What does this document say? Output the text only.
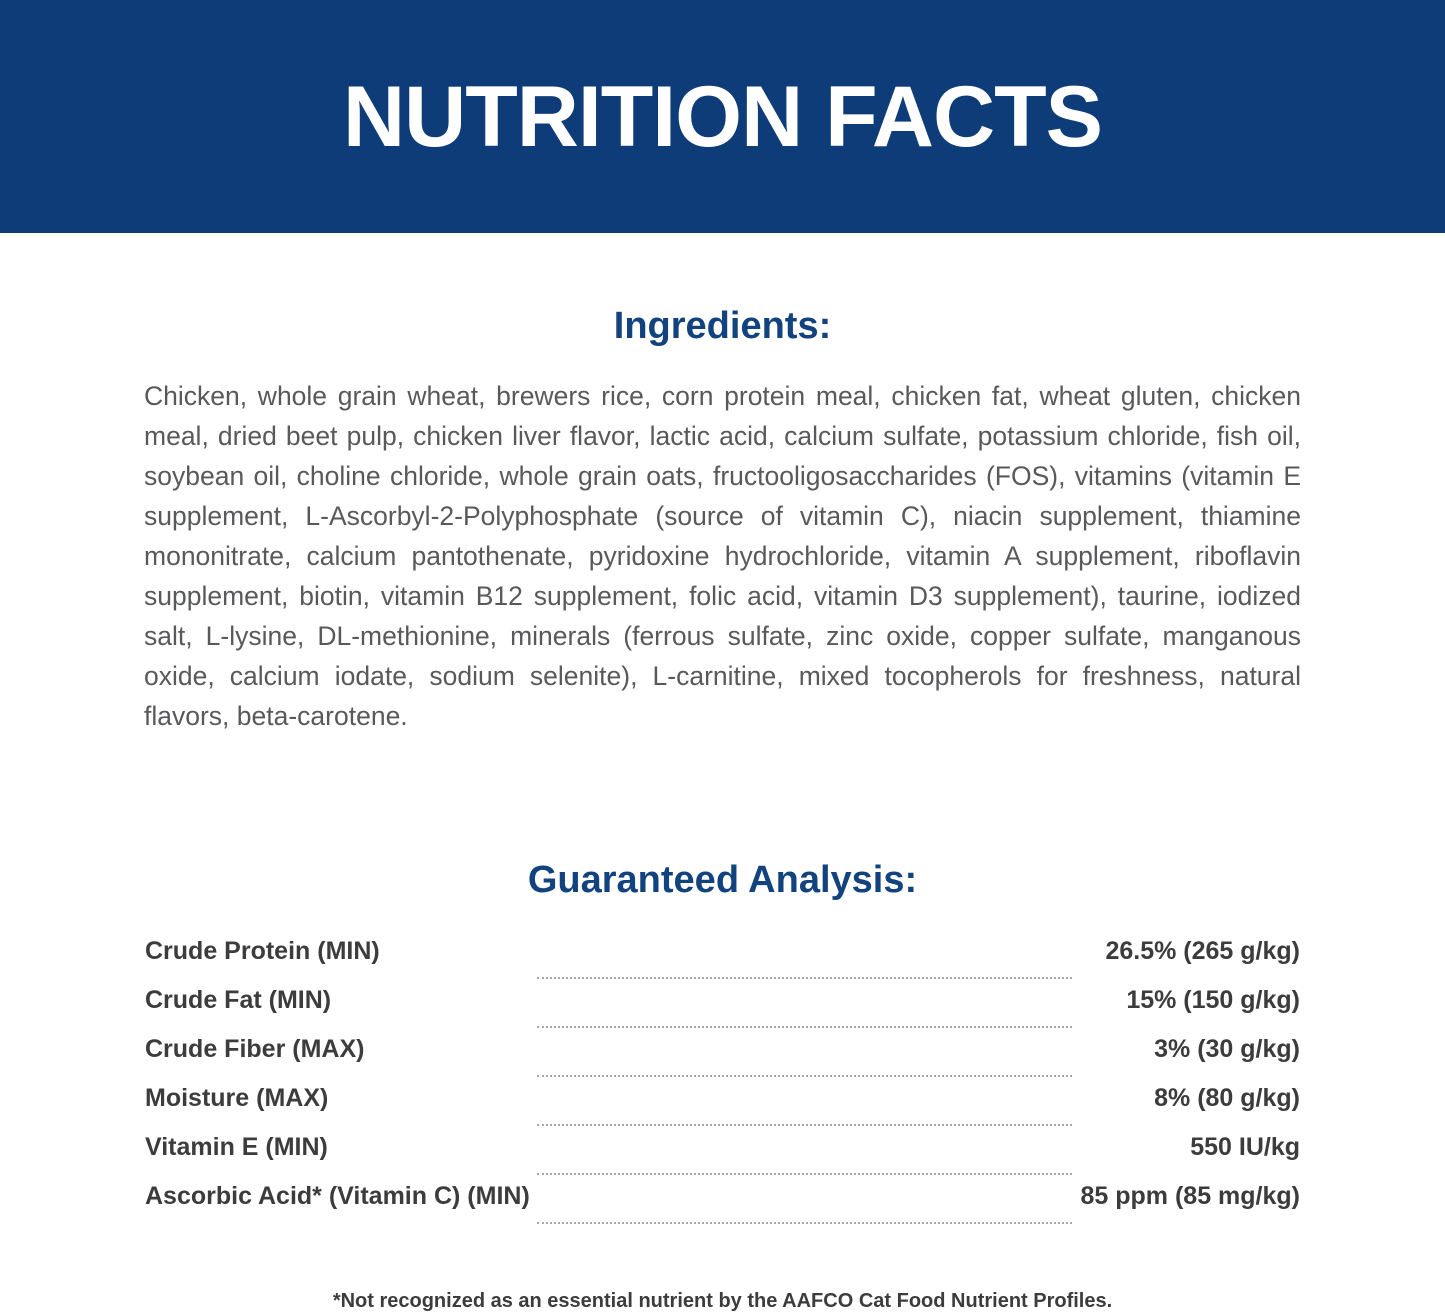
NUTRITION FACTS
Ingredients:

Chicken, whole grain wheat, brewers rice, corn protein meal, chicken fat, wheat gluten, chicken meal, dried beet pulp, chicken liver flavor, lactic acid, calcium sulfate, potassium chloride, fish oil, soybean oil, choline chloride, whole grain oats, fructooligosaccharides (FOS), vitamins (vitamin E supplement, L-Ascorbyl-2-Polyphosphate (source of vitamin C), niacin supplement, thiamine mononitrate, calcium pantothenate, pyridoxine hydrochloride, vitamin A supplement, riboflavin supplement, biotin, vitamin B12 supplement, folic acid, vitamin D3 supplement), taurine, iodized salt, L-lysine, DL-methionine, minerals (ferrous sulfate, zinc oxide, copper sulfate, manganous oxide, calcium iodate, sodium selenite), L-carnitine, mixed tocopherols for freshness, natural flavors, beta-carotene.

Guaranteed Analysis:
Crude Protein (MIN)		26.5% (265 g/kg)
Crude Fat (MIN)		15% (150 g/kg)
Crude Fiber (MAX)		3% (30 g/kg)
Moisture (MAX)		8% (80 g/kg)
Vitamin E (MIN)		550 IU/kg
Ascorbic Acid* (Vitamin C) (MIN)		85 ppm (85 mg/kg)
*Not recognized as an essential nutrient by the AAFCO Cat Food Nutrient Profiles.
